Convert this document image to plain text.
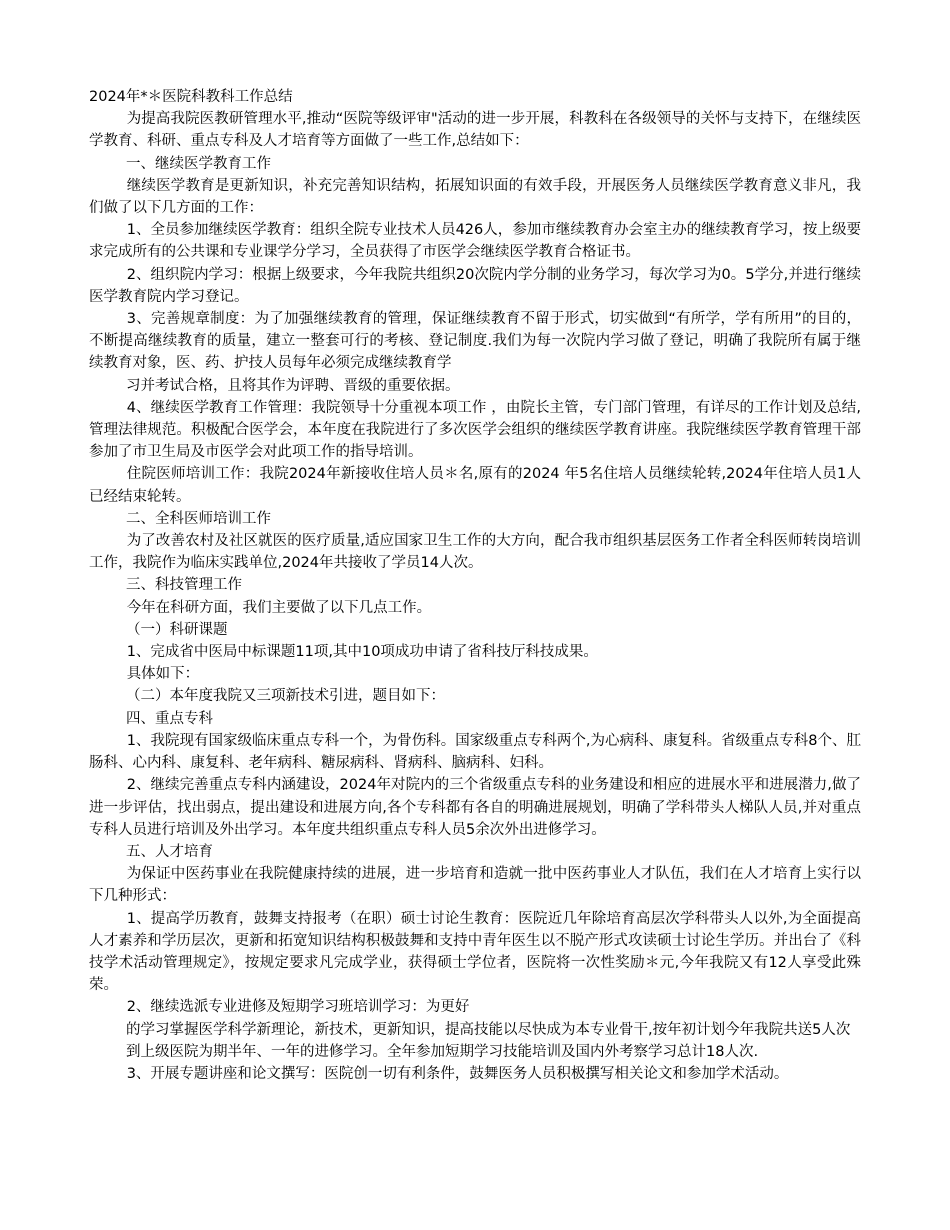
2024年*＊医院科教科工作总结
为提高我院医教研管理水平,推动“医院等级评审"活动的进一步开展，科教科在各级领导的关怀与支持下，在继续医学教育、科研、重点专科及人才培育等方面做了一些工作,总结如下：
一、继续医学教育工作
继续医学教育是更新知识，补充完善知识结构，拓展知识面的有效手段，开展医务人员继续医学教育意义非凡，我们做了以下几方面的工作：
1、全员参加继续医学教育：组织全院专业技术人员426人，参加市继续教育办会室主办的继续教育学习，按上级要求完成所有的公共课和专业课学分学习，全员获得了市医学会继续医学教育合格证书。
2、组织院内学习：根据上级要求，今年我院共组织20次院内学分制的业务学习，每次学习为0。5学分,并进行继续医学教育院内学习登记。
3、完善规章制度：为了加强继续教育的管理，保证继续教育不留于形式，切实做到“有所学，学有所用”的目的，不断提高继续教育的质量，建立一整套可行的考核、登记制度.我们为每一次院内学习做了登记，明确了我院所有属于继续教育对象，医、药、护技人员每年必须完成继续教育学
习并考试合格，且将其作为评聘、晋级的重要依据。
4、继续医学教育工作管理：我院领导十分重视本项工作 ，由院长主管，专门部门管理，有详尽的工作计划及总结,管理法律规范。积极配合医学会，本年度在我院进行了多次医学会组织的继续医学教育讲座。我院继续医学教育管理干部参加了市卫生局及市医学会对此项工作的指导培训。
住院医师培训工作：我院2024年新接收住培人员＊名,原有的2024 年5名住培人员继续轮转,2024年住培人员1人已经结束轮转。
二、全科医师培训工作
为了改善农村及社区就医的医疗质量,适应国家卫生工作的大方向，配合我市组织基层医务工作者全科医师转岗培训工作，我院作为临床实践单位,2024年共接收了学员14人次。
三、科技管理工作
今年在科研方面，我们主要做了以下几点工作。
（一）科研课题
1、完成省中医局中标课题11项,其中10项成功申请了省科技厅科技成果。
具体如下：
（二）本年度我院又三项新技术引进，题目如下：
四、重点专科
1、我院现有国家级临床重点专科一个，为骨伤科。国家级重点专科两个,为心病科、康复科。省级重点专科8个、肛肠科、心内科、康复科、老年病科、糖尿病科、肾病科、脑病科、妇科。
2、继续完善重点专科内涵建设，2024年对院内的三个省级重点专科的业务建设和相应的进展水平和进展潜力,做了进一步评估，找出弱点，提出建设和进展方向,各个专科都有各自的明确进展规划，明确了学科带头人梯队人员,并对重点专科人员进行培训及外出学习。本年度共组织重点专科人员5余次外出进修学习。
五、人才培育
为保证中医药事业在我院健康持续的进展，进一步培育和造就一批中医药事业人才队伍，我们在人才培育上实行以下几种形式：
1、提高学历教育，鼓舞支持报考（在职）硕士讨论生教育：医院近几年除培育高层次学科带头人以外,为全面提高人才素养和学历层次，更新和拓宽知识结构积极鼓舞和支持中青年医生以不脱产形式攻读硕士讨论生学历。并出台了《科技学术活动管理规定》，按规定要求凡完成学业，获得硕士学位者，医院将一次性奖励＊元,今年我院又有12人享受此殊荣。
2、继续选派专业进修及短期学习班培训学习：为更好
的学习掌握医学科学新理论，新技术，更新知识，提高技能以尽快成为本专业骨干,按年初计划今年我院共送5人次到上级医院为期半年、一年的进修学习。全年参加短期学习技能培训及国内外考察学习总计18人次.
3、开展专题讲座和论文撰写：医院创一切有利条件，鼓舞医务人员积极撰写相关论文和参加学术活动。
